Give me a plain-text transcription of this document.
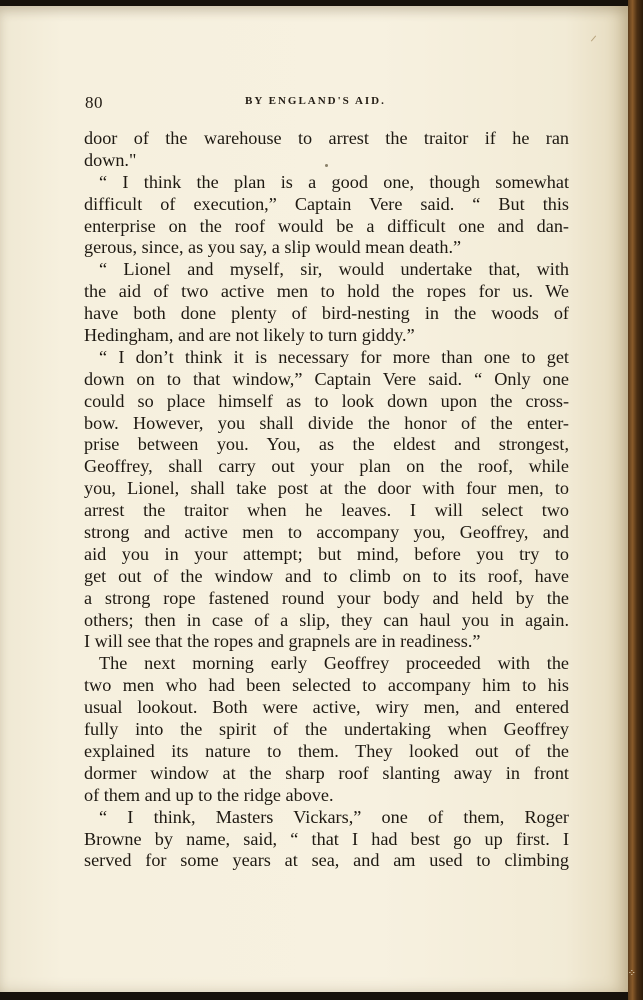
80	BY ENGLAND'S AID.
door of the warehouse to arrest the traitor if he ran
down."
“ I think the plan is a good one, though somewhat
difficult of execution,” Captain Vere said. “ But this
enterprise on the roof would be a difficult one and dan-
gerous, since, as you say, a slip would mean death.”
“ Lionel and myself, sir, would undertake that, with
the aid of two active men to hold the ropes for us. We
have both done plenty of bird-nesting in the woods of
Hedingham, and are not likely to turn giddy.”
“ I don’t think it is necessary for more than one to get
down on to that window,” Captain Vere said. “ Only one
could so place himself as to look down upon the cross-
bow. However, you shall divide the honor of the enter-
prise between you. You, as the eldest and strongest,
Geoffrey, shall carry out your plan on the roof, while
you, Lionel, shall take post at the door with four men, to
arrest the traitor when he leaves. I will select two
strong and active men to accompany you, Geoffrey, and
aid you in your attempt; but mind, before you try to
get out of the window and to climb on to its roof, have
a strong rope fastened round your body and held by the
others; then in case of a slip, they can haul you in again.
I will see that the ropes and grapnels are in readiness.”
The next morning early Geoffrey proceeded with the
two men who had been selected to accompany him to his
usual lookout. Both were active, wiry men, and entered
fully into the spirit of the undertaking when Geoffrey
explained its nature to them. They looked out of the
dormer window at the sharp roof slanting away in front
of them and up to the ridge above.
“ I think, Masters Vickars,” one of them, Roger
Browne by name, said, “ that I had best go up first. I
served for some years at sea, and am used to climbing
⁘
